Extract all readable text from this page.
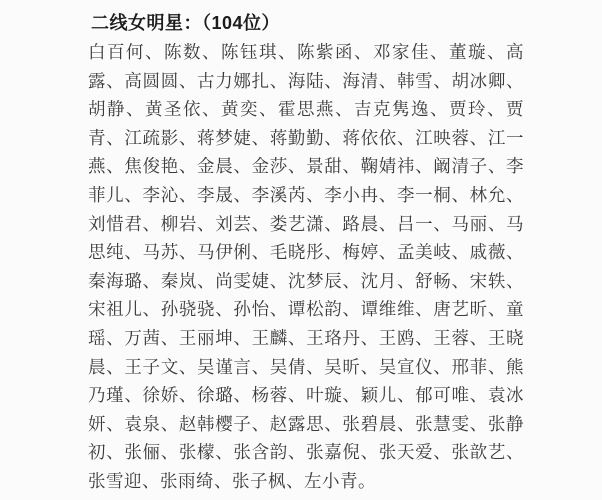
二线女明星：（104位）
白百何、陈数、陈钰琪、陈紫函、邓家佳、董璇、高
露、高圆圆、古力娜扎、海陆、海清、韩雪、胡冰卿、
胡静、黄圣依、黄奕、霍思燕、吉克隽逸、贾玲、贾
青、江疏影、蒋梦婕、蒋勤勤、蒋依依、江映蓉、江一
燕、焦俊艳、金晨、金莎、景甜、鞠婧祎、阚清子、李
菲儿、李沁、李晟、李溪芮、李小冉、李一桐、林允、
刘惜君、柳岩、刘芸、娄艺潇、路晨、吕一、马丽、马
思纯、马苏、马伊俐、毛晓彤、梅婷、孟美岐、戚薇、
秦海璐、秦岚、尚雯婕、沈梦辰、沈月、舒畅、宋轶、
宋祖儿、孙骁骁、孙怡、谭松韵、谭维维、唐艺昕、童
瑶、万茜、王丽坤、王麟、王珞丹、王鸥、王蓉、王晓
晨、王子文、吴谨言、吴倩、吴昕、吴宣仪、邢菲、熊
乃瑾、徐娇、徐璐、杨蓉、叶璇、颖儿、郁可唯、袁冰
妍、袁泉、赵韩樱子、赵露思、张碧晨、张慧雯、张静
初、张俪、张檬、张含韵、张嘉倪、张天爱、张歆艺、
张雪迎、张雨绮、张子枫、左小青。
